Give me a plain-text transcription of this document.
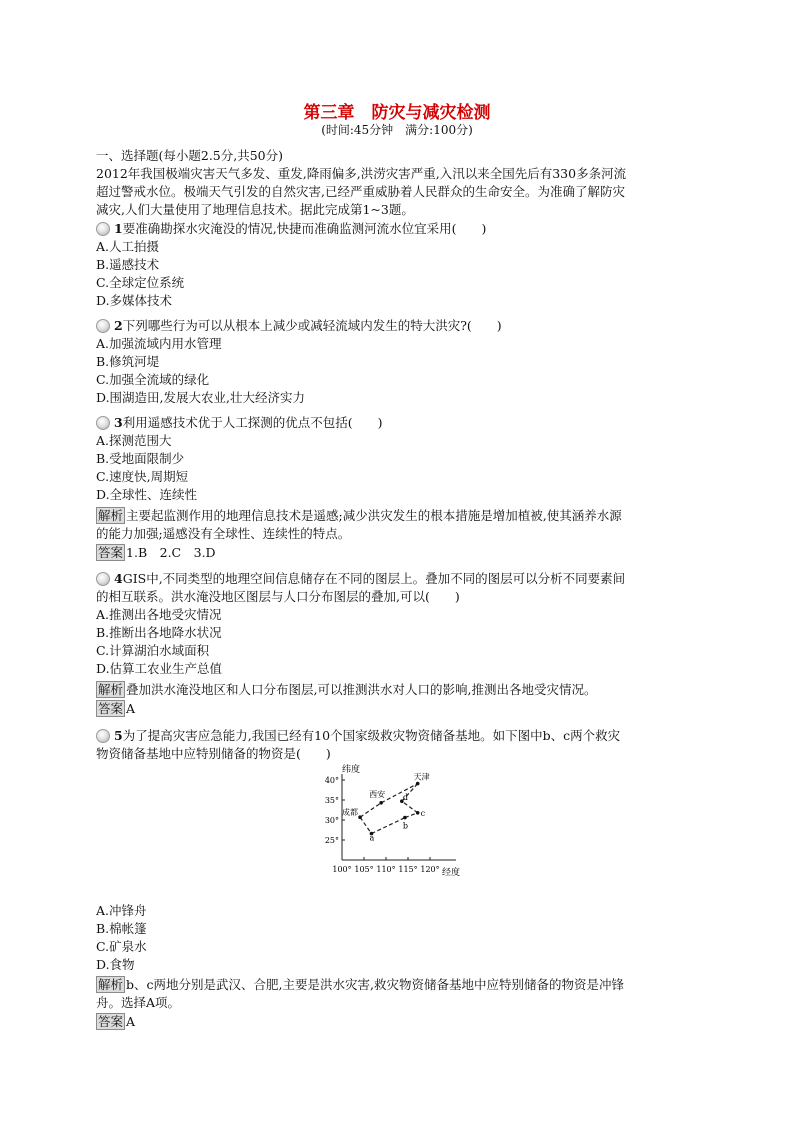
第三章　防灾与减灾检测
(时间:45分钟　满分:100分)
一、选择题(每小题2.5分,共50分)
2012年我国极端灾害天气多发、重发,降雨偏多,洪涝灾害严重,入汛以来全国先后有330多条河流
超过警戒水位。极端天气引发的自然灾害,已经严重威胁着人民群众的生命安全。为准确了解防灾
减灾,人们大量使用了地理信息技术。据此完成第1~3题。
1要准确勘探水灾淹没的情况,快捷而准确监测河流水位宜采用(　　)
A.人工拍摄
B.遥感技术
C.全球定位系统
D.多媒体技术
2下列哪些行为可以从根本上减少或减轻流域内发生的特大洪灾?(　　)
A.加强流域内用水管理
B.修筑河堤
C.加强全流域的绿化
D.围湖造田,发展大农业,壮大经济实力
3利用遥感技术优于人工探测的优点不包括(　　)
A.探测范围大
B.受地面限制少
C.速度快,周期短
D.全球性、连续性
解析 主要起监测作用的地理信息技术是遥感;减少洪灾发生的根本措施是增加植被,使其涵养水源
的能力加强;遥感没有全球性、连续性的特点。
答案 1.B　2.C　3.D
4GIS中,不同类型的地理空间信息储存在不同的图层上。叠加不同的图层可以分析不同要素间
的相互联系。洪水淹没地区图层与人口分布图层的叠加,可以(　　)
A.推测出各地受灾情况
B.推断出各地降水状况
C.计算湖泊水域面积
D.估算工农业生产总值
解析 叠加洪水淹没地区和人口分布图层,可以推测洪水对人口的影响,推测出各地受灾情况。
答案 A
5为了提高灾害应急能力,我国已经有10个国家级救灾物资储备基地。如下图中b、c两个救灾
物资储备基地中应特别储备的物资是(　　)
40°
35°
30°
25°
100° 105° 110° 115° 120°
天津
西安
成都
d
c
b
a
纬度
经度
A.冲锋舟
B.棉帐篷
C.矿泉水
D.食物
解析 b、c两地分别是武汉、合肥,主要是洪水灾害,救灾物资储备基地中应特别储备的物资是冲锋
舟。选择A项。
答案 A
